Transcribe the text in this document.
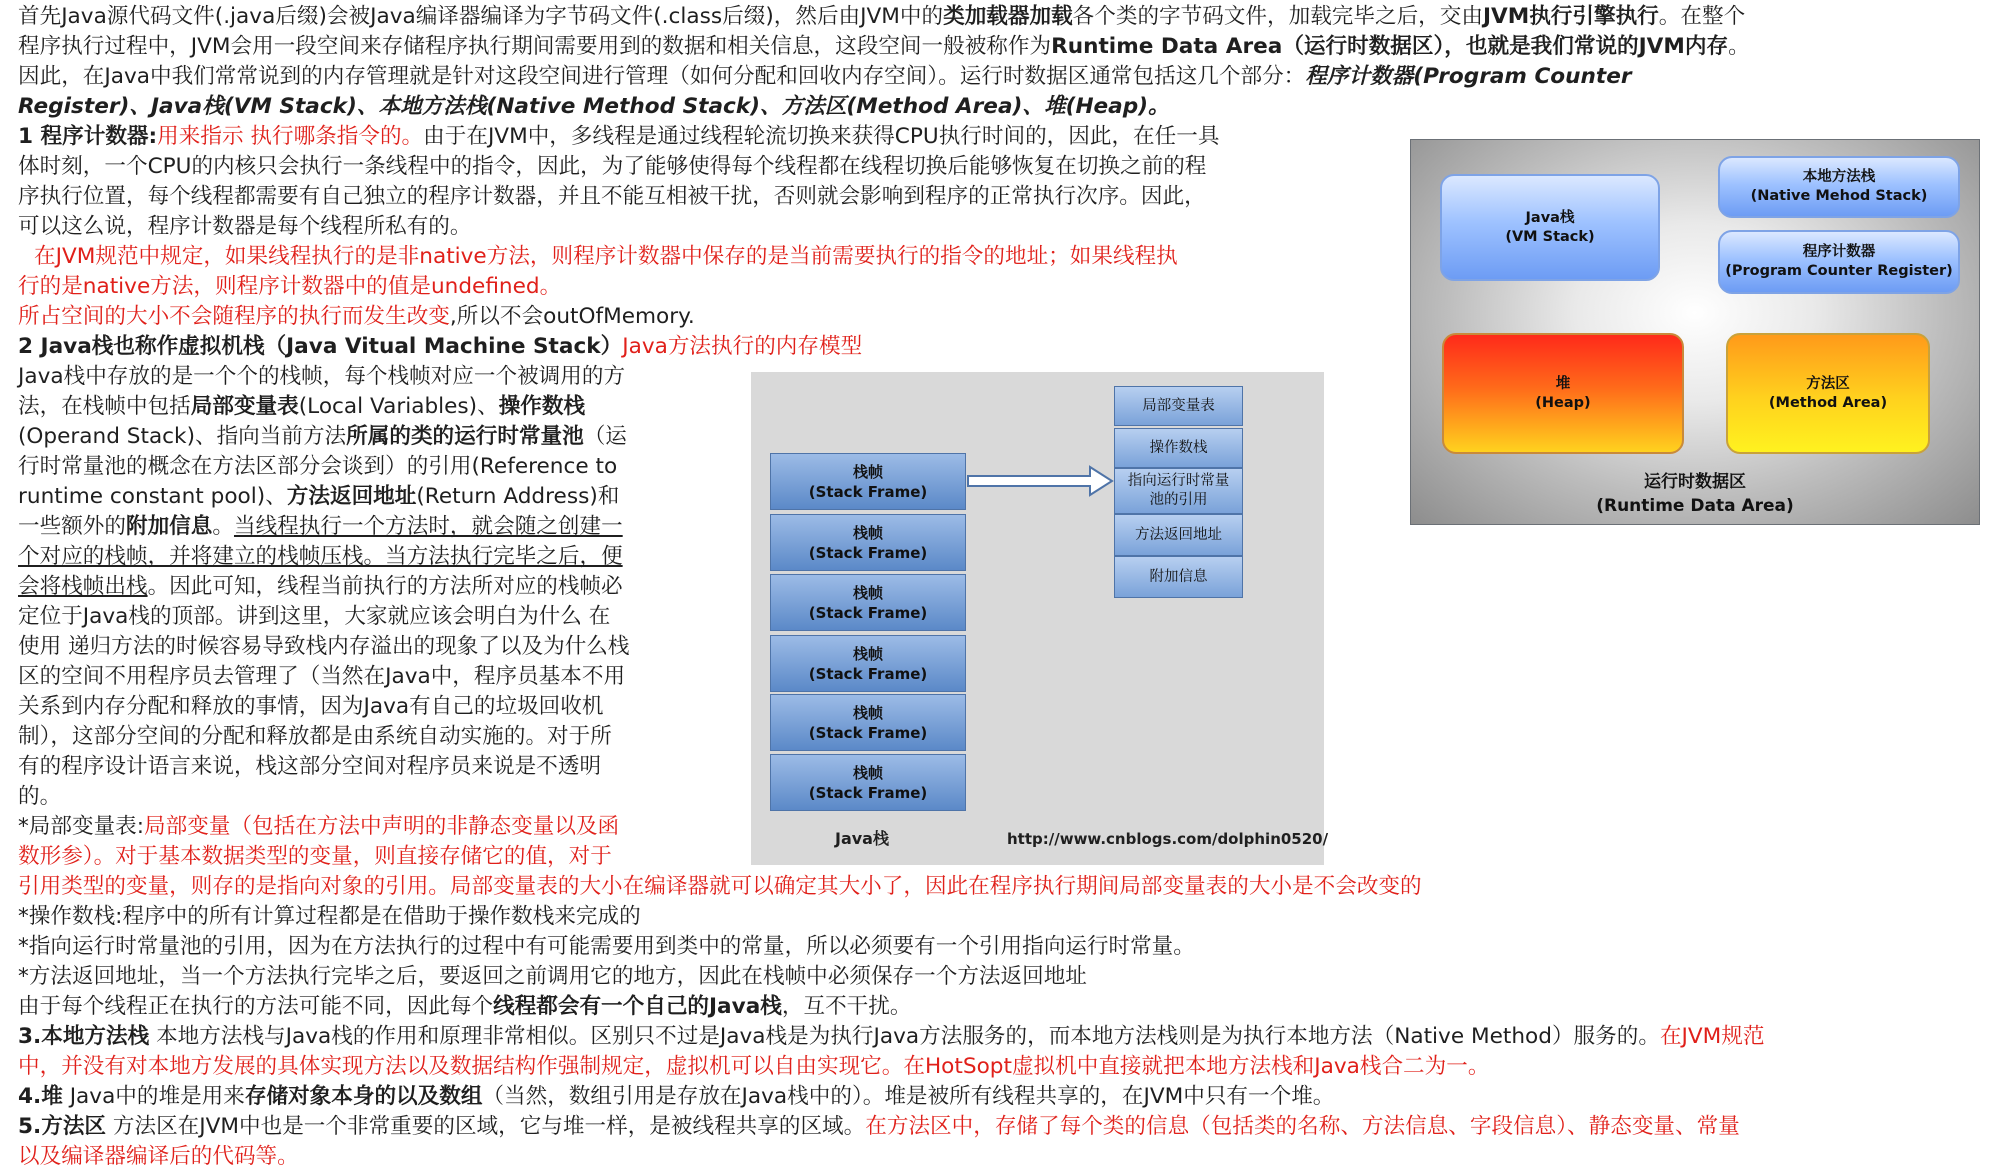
首先Java源代码文件(.java后缀)会被Java编译器编译为字节码文件(.class后缀)，然后由JVM中的类加载器加载各个类的字节码文件，加载完毕之后，交由JVM执行引擎执行。在整个
程序执行过程中，JVM会用一段空间来存储程序执行期间需要用到的数据和相关信息，这段空间一般被称作为Runtime Data Area（运行时数据区），也就是我们常说的JVM内存。
因此，在Java中我们常常说到的内存管理就是针对这段空间进行管理（如何分配和回收内存空间）。运行时数据区通常包括这几个部分：程序计数器(Program Counter
Register)、Java栈(VM Stack)、本地方法栈(Native Method Stack)、方法区(Method Area)、堆(Heap)。
1 程序计数器:用来指示 执行哪条指令的。由于在JVM中，多线程是通过线程轮流切换来获得CPU执行时间的，因此，在任一具
体时刻，一个CPU的内核只会执行一条线程中的指令，因此，为了能够使得每个线程都在线程切换后能够恢复在切换之前的程
序执行位置，每个线程都需要有自己独立的程序计数器，并且不能互相被干扰，否则就会影响到程序的正常执行次序。因此，
可以这么说，程序计数器是每个线程所私有的。
在JVM规范中规定，如果线程执行的是非native方法，则程序计数器中保存的是当前需要执行的指令的地址；如果线程执
行的是native方法，则程序计数器中的值是undefined。
所占空间的大小不会随程序的执行而发生改变,所以不会outOfMemory.
2 Java栈也称作虚拟机栈（Java Vitual Machine Stack）Java方法执行的内存模型
Java栈中存放的是一个个的栈帧，每个栈帧对应一个被调用的方
法，在栈帧中包括局部变量表(Local Variables)、操作数栈
(Operand Stack)、指向当前方法所属的类的运行时常量池（运
行时常量池的概念在方法区部分会谈到）的引用(Reference to
runtime constant pool)、方法返回地址(Return Address)和
一些额外的附加信息。当线程执行一个方法时，就会随之创建一
个对应的栈帧，并将建立的栈帧压栈。当方法执行完毕之后，便
会将栈帧出栈。因此可知，线程当前执行的方法所对应的栈帧必
定位于Java栈的顶部。讲到这里，大家就应该会明白为什么 在
使用 递归方法的时候容易导致栈内存溢出的现象了以及为什么栈
区的空间不用程序员去管理了（当然在Java中，程序员基本不用
关系到内存分配和释放的事情，因为Java有自己的垃圾回收机
制），这部分空间的分配和释放都是由系统自动实施的。对于所
有的程序设计语言来说，栈这部分空间对程序员来说是不透明
的。
*局部变量表:局部变量（包括在方法中声明的非静态变量以及函
数形参）。对于基本数据类型的变量，则直接存储它的值，对于
引用类型的变量，则存的是指向对象的引用。局部变量表的大小在编译器就可以确定其大小了，因此在程序执行期间局部变量表的大小是不会改变的
*操作数栈:程序中的所有计算过程都是在借助于操作数栈来完成的
*指向运行时常量池的引用，因为在方法执行的过程中有可能需要用到类中的常量，所以必须要有一个引用指向运行时常量。
*方法返回地址，当一个方法执行完毕之后，要返回之前调用它的地方，因此在栈帧中必须保存一个方法返回地址
由于每个线程正在执行的方法可能不同，因此每个线程都会有一个自己的Java栈，互不干扰。
3.本地方法栈 本地方法栈与Java栈的作用和原理非常相似。区别只不过是Java栈是为执行Java方法服务的，而本地方法栈则是为执行本地方法（Native Method）服务的。在JVM规范
中，并没有对本地方发展的具体实现方法以及数据结构作强制规定，虚拟机可以自由实现它。在HotSopt虚拟机中直接就把本地方法栈和Java栈合二为一。
4.堆 Java中的堆是用来存储对象本身的以及数组（当然，数组引用是存放在Java栈中的）。堆是被所有线程共享的，在JVM中只有一个堆。
5.方法区 方法区在JVM中也是一个非常重要的区域，它与堆一样，是被线程共享的区域。在方法区中，存储了每个类的信息（包括类的名称、方法信息、字段信息）、静态变量、常量
以及编译器编译后的代码等。
Java栈
(VM Stack)
本地方法栈
(Native Mehod Stack)
程序计数器
(Program Counter Register)
堆
(Heap)
方法区
(Method Area)
运行时数据区
(Runtime Data Area)
栈帧
(Stack Frame)
栈帧
(Stack Frame)
栈帧
(Stack Frame)
栈帧
(Stack Frame)
栈帧
(Stack Frame)
栈帧
(Stack Frame)
局部变量表
操作数栈
指向运行时常量池的引用
方法返回地址
附加信息
Java栈	http://www.cnblogs.com/dolphin0520/
